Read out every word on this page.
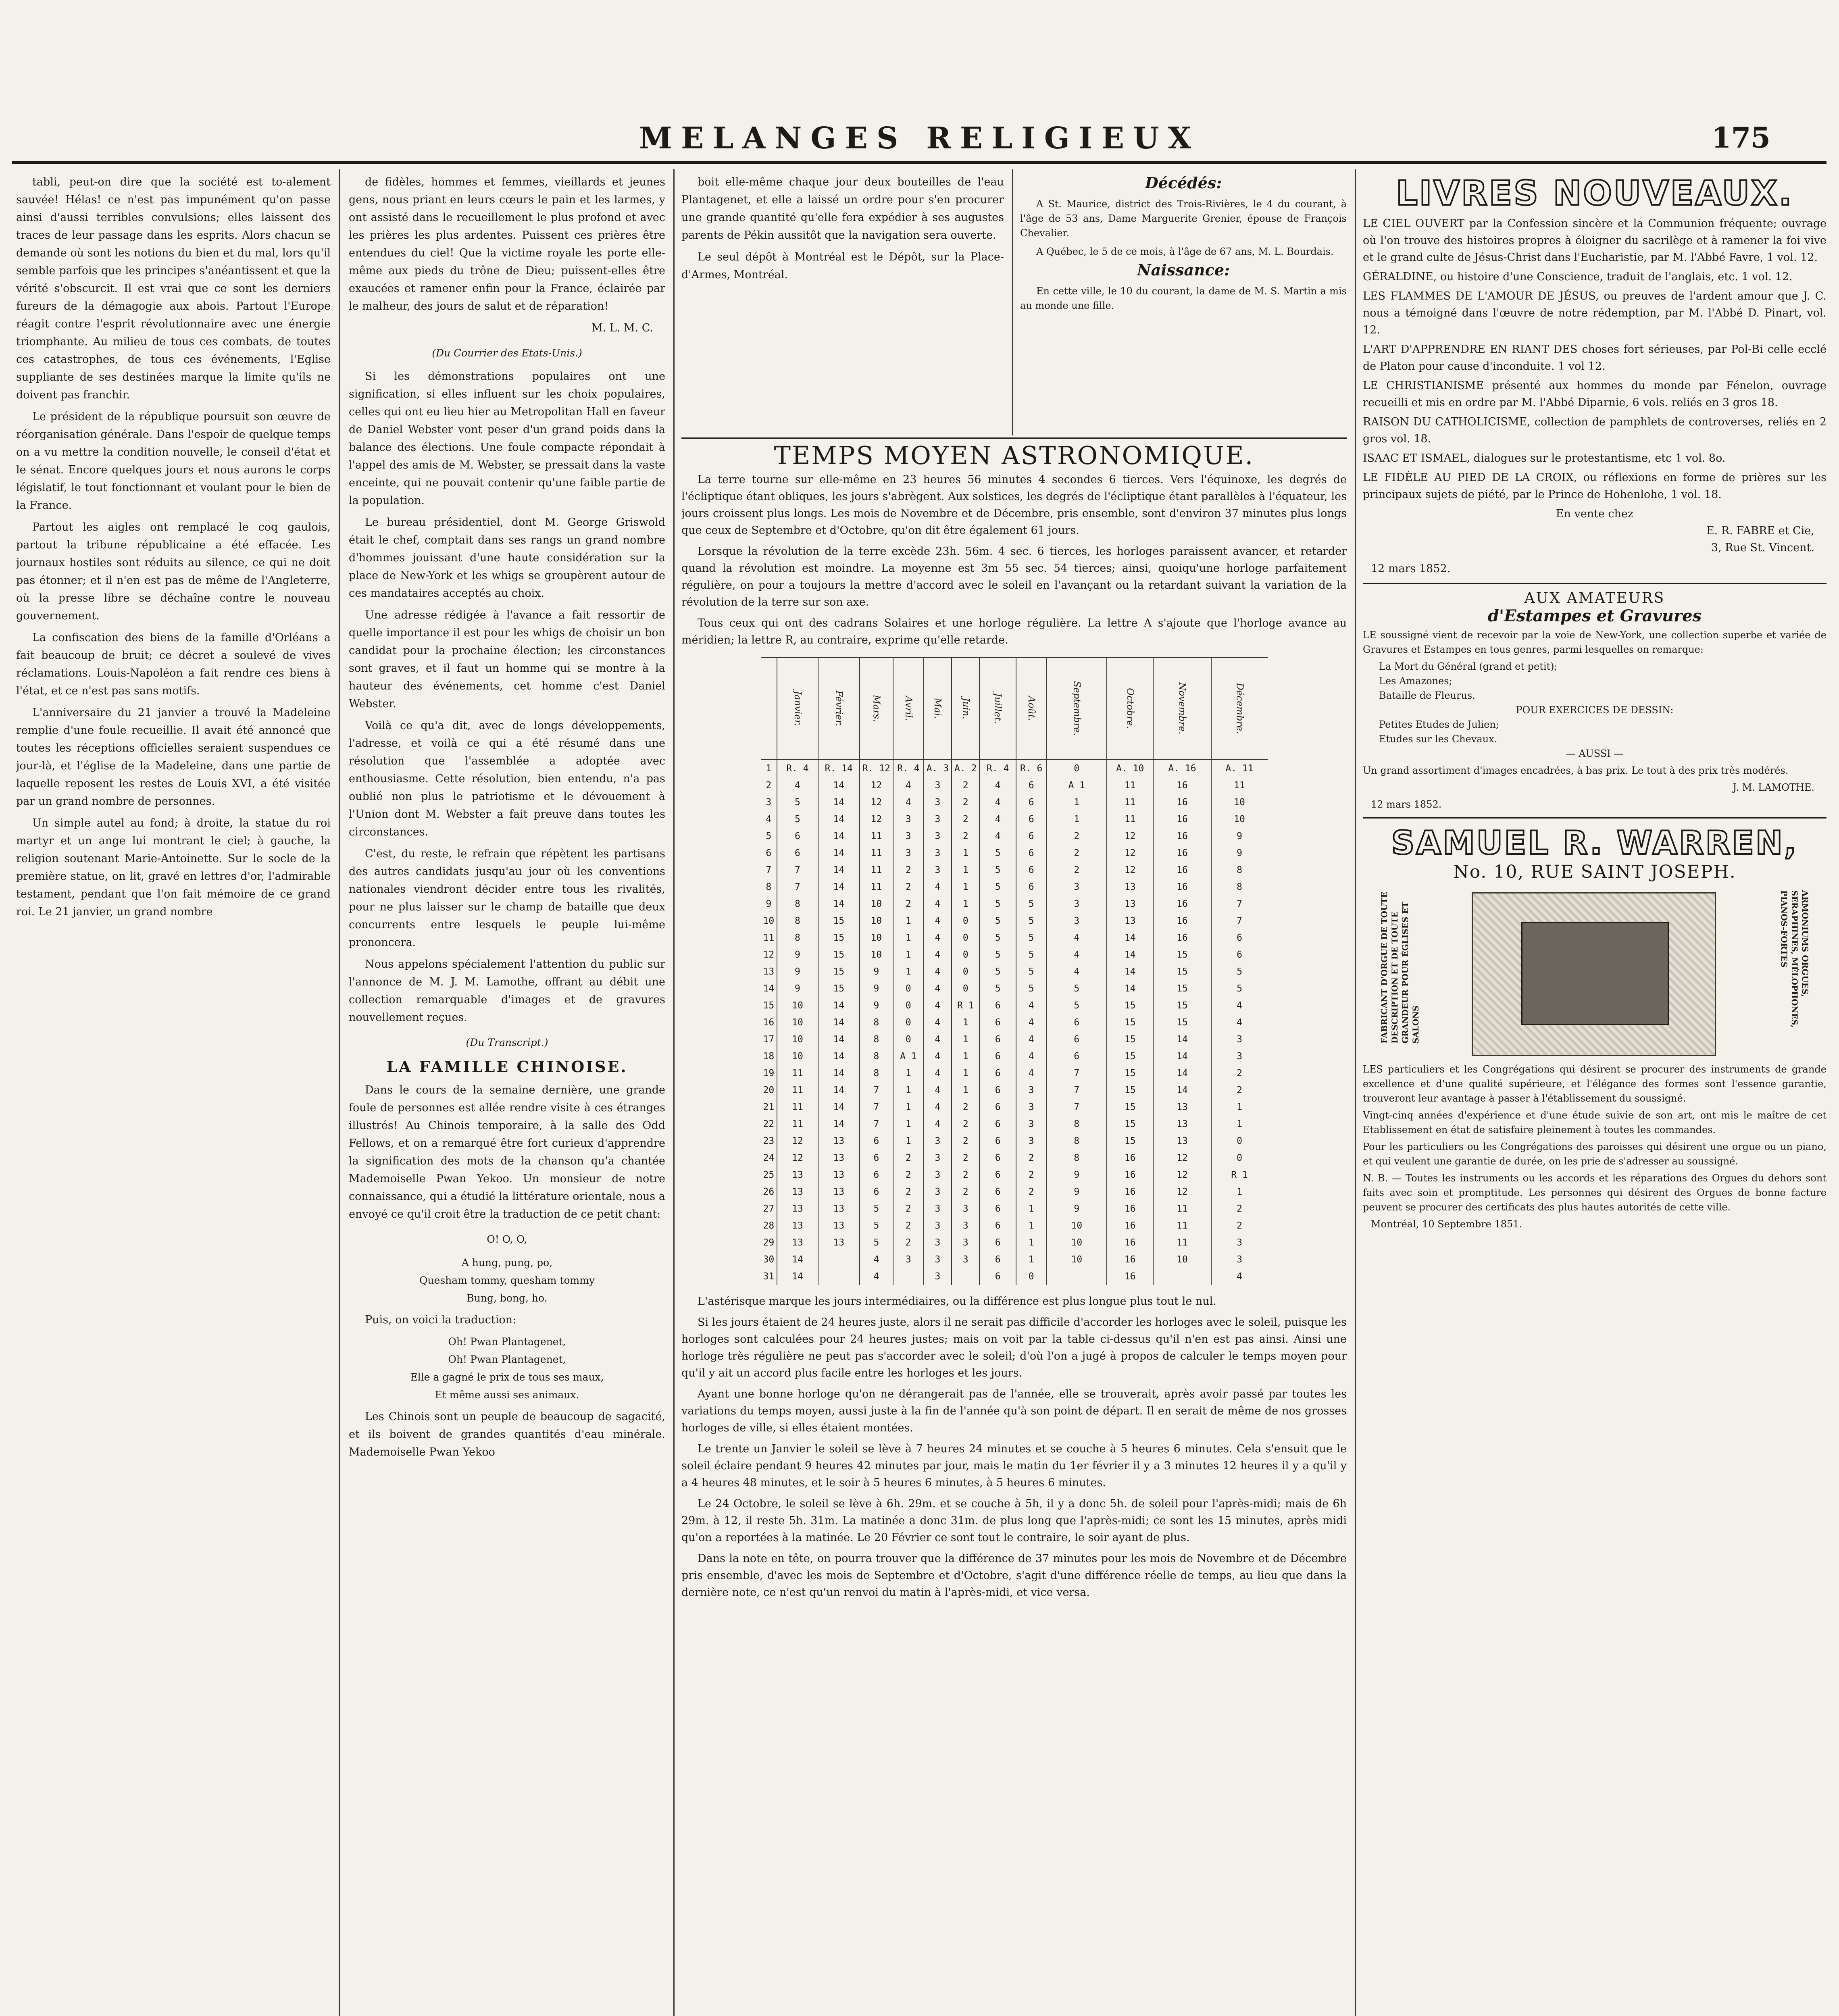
MELANGES RELIGIEUX	175

tabli, peut-on dire que la société est to-alement sauvée! Hélas! ce n'est pas impunément qu'on passe ainsi d'aussi terribles convulsions; elles laissent des traces de leur passage dans les esprits. Alors chacun se demande où sont les notions du bien et du mal, lors qu'il semble parfois que les principes s'anéantissent et que la vérité s'obscurcit. Il est vrai que ce sont les derniers fureurs de la démagogie aux abois. Partout l'Europe réagit contre l'esprit révolutionnaire avec une énergie triomphante. Au milieu de tous ces combats, de toutes ces catastrophes, de tous ces événements, l'Eglise suppliante de ses destinées marque la limite qu'ils ne doivent pas franchir.

Le président de la république poursuit son œuvre de réorganisation générale. Dans l'espoir de quelque temps on a vu mettre la condition nouvelle, le conseil d'état et le sénat. Encore quelques jours et nous aurons le corps législatif, le tout fonctionnant et voulant pour le bien de la France.

Partout les aigles ont remplacé le coq gaulois, partout la tribune républicaine a été effacée. Les journaux hostiles sont réduits au silence, ce qui ne doit pas étonner; et il n'en est pas de même de l'Angleterre, où la presse libre se déchaîne contre le nouveau gouvernement.

La confiscation des biens de la famille d'Orléans a fait beaucoup de bruit; ce décret a soulevé de vives réclamations. Louis-Napoléon a fait rendre ces biens à l'état, et ce n'est pas sans motifs.

L'anniversaire du 21 janvier a trouvé la Madeleine remplie d'une foule recueillie. Il avait été annoncé que toutes les réceptions officielles seraient suspendues ce jour-là, et l'église de la Madeleine, dans une partie de laquelle reposent les restes de Louis XVI, a été visitée par un grand nombre de personnes.

Un simple autel au fond; à droite, la statue du roi martyr et un ange lui montrant le ciel; à gauche, la religion soutenant Marie-Antoinette. Sur le socle de la première statue, on lit, gravé en lettres d'or, l'admirable testament, pendant que l'on fait mémoire de ce grand roi. Le 21 janvier, un grand nombre

de fidèles, hommes et femmes, vieillards et jeunes gens, nous priant en leurs cœurs le pain et les larmes, y ont assisté dans le recueillement le plus profond et avec les prières les plus ardentes. Puissent ces prières être entendues du ciel! Que la victime royale les porte elle-même aux pieds du trône de Dieu; puissent-elles être exaucées et ramener enfin pour la France, éclairée par le malheur, des jours de salut et de réparation!

M. L. M. C.

(Du Courrier des Etats-Unis.)

Si les démonstrations populaires ont une signification, si elles influent sur les choix populaires, celles qui ont eu lieu hier au Metropolitan Hall en faveur de Daniel Webster vont peser d'un grand poids dans la balance des élections. Une foule compacte répondait à l'appel des amis de M. Webster, se pressait dans la vaste enceinte, qui ne pouvait contenir qu'une faible partie de la population.

Le bureau présidentiel, dont M. George Griswold était le chef, comptait dans ses rangs un grand nombre d'hommes jouissant d'une haute considération sur la place de New-York et les whigs se groupèrent autour de ces mandataires acceptés au choix.

Une adresse rédigée à l'avance a fait ressortir de quelle importance il est pour les whigs de choisir un bon candidat pour la prochaine élection; les circonstances sont graves, et il faut un homme qui se montre à la hauteur des événements, cet homme c'est Daniel Webster.

Voilà ce qu'a dit, avec de longs développements, l'adresse, et voilà ce qui a été résumé dans une résolution que l'assemblée a adoptée avec enthousiasme. Cette résolution, bien entendu, n'a pas oublié non plus le patriotisme et le dévouement à l'Union dont M. Webster a fait preuve dans toutes les circonstances.

C'est, du reste, le refrain que répètent les partisans des autres candidats jusqu'au jour où les conventions nationales viendront décider entre tous les rivalités, pour ne plus laisser sur le champ de bataille que deux concurrents entre lesquels le peuple lui-même prononcera.

Nous appelons spécialement l'attention du public sur l'annonce de M. J. M. Lamothe, offrant au débit une collection remarquable d'images et de gravures nouvellement reçues.

(Du Transcript.)

LA FAMILLE CHINOISE.

Dans le cours de la semaine dernière, une grande foule de personnes est allée rendre visite à ces étranges illustrés! Au Chinois temporaire, à la salle des Odd Fellows, et on a remarqué être fort curieux d'apprendre la signification des mots de la chanson qu'a chantée Mademoiselle Pwan Yekoo. Un monsieur de notre connaissance, qui a étudié la littérature orientale, nous a envoyé ce qu'il croit être la traduction de ce petit chant:

O! O, O,

A hung, pung, po,

Quesham tommy, quesham tommy

Bung, bong, ho.

Puis, on voici la traduction:

Oh! Pwan Plantagenet,

Oh! Pwan Plantagenet,

Elle a gagné le prix de tous ses maux,

Et même aussi ses animaux.

Les Chinois sont un peuple de beaucoup de sagacité, et ils boivent de grandes quantités d'eau minérale. Mademoiselle Pwan Yekoo

boit elle-même chaque jour deux bouteilles de l'eau Plantagenet, et elle a laissé un ordre pour s'en procurer une grande quantité qu'elle fera expédier à ses augustes parents de Pékin aussitôt que la navigation sera ouverte.

Le seul dépôt à Montréal est le Dépôt, sur la Place-d'Armes, Montréal.

Décédés:

A St. Maurice, district des Trois-Rivières, le 4 du courant, à l'âge de 53 ans, Dame Marguerite Grenier, épouse de François Chevalier.

A Québec, le 5 de ce mois, à l'âge de 67 ans, M. L. Bourdais.

Naissance:

En cette ville, le 10 du courant, la dame de M. S. Martin a mis au monde une fille.

TEMPS MOYEN ASTRONOMIQUE.

La terre tourne sur elle-même en 23 heures 56 minutes 4 secondes 6 tierces. Vers l'équinoxe, les degrés de l'écliptique étant obliques, les jours s'abrègent. Aux solstices, les degrés de l'écliptique étant parallèles à l'équateur, les jours croissent plus longs. Les mois de Novembre et de Décembre, pris ensemble, sont d'environ 37 minutes plus longs que ceux de Septembre et d'Octobre, qu'on dit être également 61 jours.

Lorsque la révolution de la terre excède 23h. 56m. 4 sec. 6 tierces, les horloges paraissent avancer, et retarder quand la révolution est moindre. La moyenne est 3m 55 sec. 54 tierces; ainsi, quoiqu'une horloge parfaitement régulière, on pour a toujours la mettre d'accord avec le soleil en l'avançant ou la retardant suivant la variation de la révolution de la terre sur son axe.

Tous ceux qui ont des cadrans Solaires et une horloge régulière. La lettre A s'ajoute que l'horloge avance au méridien; la lettre R, au contraire, exprime qu'elle retarde.

	Janvier.	Février.	Mars.	Avril.	Mai.	Juin.	Juillet.	Août.	Septembre.	Octobre.	Novembre.	Décembre.
1	R. 4	R. 14	R. 12	R. 4	A. 3	A. 2	R. 4	R. 6	0	A. 10	A. 16	A. 11
2	4	14	12	4	3	2	4	6	A 1	11	16	11
3	5	14	12	4	3	2	4	6	1	11	16	10
4	5	14	12	3	3	2	4	6	1	11	16	10
5	6	14	11	3	3	2	4	6	2	12	16	9
6	6	14	11	3	3	1	5	6	2	12	16	9
7	7	14	11	2	3	1	5	6	2	12	16	8
8	7	14	11	2	4	1	5	6	3	13	16	8
9	8	14	10	2	4	1	5	5	3	13	16	7
10	8	15	10	1	4	0	5	5	3	13	16	7
11	8	15	10	1	4	0	5	5	4	14	16	6
12	9	15	10	1	4	0	5	5	4	14	15	6
13	9	15	9	1	4	0	5	5	4	14	15	5
14	9	15	9	0	4	0	5	5	5	14	15	5
15	10	14	9	0	4	R 1	6	4	5	15	15	4
16	10	14	8	0	4	1	6	4	6	15	15	4
17	10	14	8	0	4	1	6	4	6	15	14	3
18	10	14	8	A 1	4	1	6	4	6	15	14	3
19	11	14	8	1	4	1	6	4	7	15	14	2
20	11	14	7	1	4	1	6	3	7	15	14	2
21	11	14	7	1	4	2	6	3	7	15	13	1
22	11	14	7	1	4	2	6	3	8	15	13	1
23	12	13	6	1	3	2	6	3	8	15	13	0
24	12	13	6	2	3	2	6	2	8	16	12	0
25	13	13	6	2	3	2	6	2	9	16	12	R 1
26	13	13	6	2	3	2	6	2	9	16	12	1
27	13	13	5	2	3	3	6	1	9	16	11	2
28	13	13	5	2	3	3	6	1	10	16	11	2
29	13	13	5	2	3	3	6	1	10	16	11	3
30	14		4	3	3	3	6	1	10	16	10	3
31	14		4		3		6	0		16		4

L'astérisque marque les jours intermédiaires, ou la différence est plus longue plus tout le nul.

Si les jours étaient de 24 heures juste, alors il ne serait pas difficile d'accorder les horloges avec le soleil, puisque les horloges sont calculées pour 24 heures justes; mais on voit par la table ci-dessus qu'il n'en est pas ainsi. Ainsi une horloge très régulière ne peut pas s'accorder avec le soleil; d'où l'on a jugé à propos de calculer le temps moyen pour qu'il y ait un accord plus facile entre les horloges et les jours.

Ayant une bonne horloge qu'on ne dérangerait pas de l'année, elle se trouverait, après avoir passé par toutes les variations du temps moyen, aussi juste à la fin de l'année qu'à son point de départ. Il en serait de même de nos grosses horloges de ville, si elles étaient montées.

Le trente un Janvier le soleil se lève à 7 heures 24 minutes et se couche à 5 heures 6 minutes. Cela s'ensuit que le soleil éclaire pendant 9 heures 42 minutes par jour, mais le matin du 1er février il y a 3 minutes 12 heures il y a qu'il y a 4 heures 48 minutes, et le soir à 5 heures 6 minutes, à 5 heures 6 minutes.

Le 24 Octobre, le soleil se lève à 6h. 29m. et se couche à 5h, il y a donc 5h. de soleil pour l'après-midi; mais de 6h 29m. à 12, il reste 5h. 31m. La matinée a donc 31m. de plus long que l'après-midi; ce sont les 15 minutes, après midi qu'on a reportées à la matinée. Le 20 Février ce sont tout le contraire, le soir ayant de plus.

Dans la note en tête, on pourra trouver que la différence de 37 minutes pour les mois de Novembre et de Décembre pris ensemble, d'avec les mois de Septembre et d'Octobre, s'agit d'une différence réelle de temps, au lieu que dans la dernière note, ce n'est qu'un renvoi du matin à l'après-midi, et vice versa.

LIVRES NOUVEAUX.

LE CIEL OUVERT par la Confession sincère et la Communion fréquente; ouvrage où l'on trouve des histoires propres à éloigner du sacrilège et à ramener la foi vive et le grand culte de Jésus-Christ dans l'Eucharistie, par M. l'Abbé Favre, 1 vol. 12.

GÉRALDINE, ou histoire d'une Conscience, traduit de l'anglais, etc. 1 vol. 12.

LES FLAMMES DE L'AMOUR DE JÉSUS, ou preuves de l'ardent amour que J. C. nous a témoigné dans l'œuvre de notre rédemption, par M. l'Abbé D. Pinart, vol. 12.

L'ART D'APPRENDRE EN RIANT DES choses fort sérieuses, par Pol-Bi celle ecclé de Platon pour cause d'inconduite. 1 vol 12.

LE CHRISTIANISME présenté aux hommes du monde par Fénelon, ouvrage recueilli et mis en ordre par M. l'Abbé Diparnie, 6 vols. reliés en 3 gros 18.

RAISON DU CATHOLICISME, collection de pamphlets de controverses, reliés en 2 gros vol. 18.

ISAAC ET ISMAEL, dialogues sur le protestantisme, etc 1 vol. 8o.

LE FIDÈLE AU PIED DE LA CROIX, ou réflexions en forme de prières sur les principaux sujets de piété, par le Prince de Hohenlohe, 1 vol. 18.

En vente chez
E. R. FABRE et Cie,
3, Rue St. Vincent.
12 mars 1852.
AUX AMATEURS
d'Estampes et Gravures

LE soussigné vient de recevoir par la voie de New-York, une collection superbe et variée de Gravures et Estampes en tous genres, parmi lesquelles on remarque:

La Mort du Général (grand et petit);
Les Amazones;
Bataille de Fleurus.
POUR EXERCICES DE DESSIN:
Petites Etudes de Julien;
Etudes sur les Chevaux.
— AUSSI —

Un grand assortiment d'images encadrées, à bas prix. Le tout à des prix très modérés.

J. M. LAMOTHE.
12 mars 1852.
SAMUEL R. WARREN,
No. 10, RUE SAINT JOSEPH.
FABRICANT D'ORGUE DE TOUTE DESCRIPTION ET DE TOUTE GRANDEUR POUR ÉGLISES ET SALONS
ARMONIUMS ORGUES, SERAPHINES, MÉLOPHONES, PIANOS-FORTES

LES particuliers et les Congrégations qui désirent se procurer des instruments de grande excellence et d'une qualité supérieure, et l'élégance des formes sont l'essence garantie, trouveront leur avantage à passer à l'établissement du soussigné.

Vingt-cinq années d'expérience et d'une étude suivie de son art, ont mis le maître de cet Etablissement en état de satisfaire pleinement à toutes les commandes.

Pour les particuliers ou les Congrégations des paroisses qui désirent une orgue ou un piano, et qui veulent une garantie de durée, on les prie de s'adresser au soussigné.

N. B. — Toutes les instruments ou les accords et les réparations des Orgues du dehors sont faits avec soin et promptitude. Les personnes qui désirent des Orgues de bonne facture peuvent se procurer des certificats des plus hautes autorités de cette ville.

Montréal, 10 Septembre 1851.
